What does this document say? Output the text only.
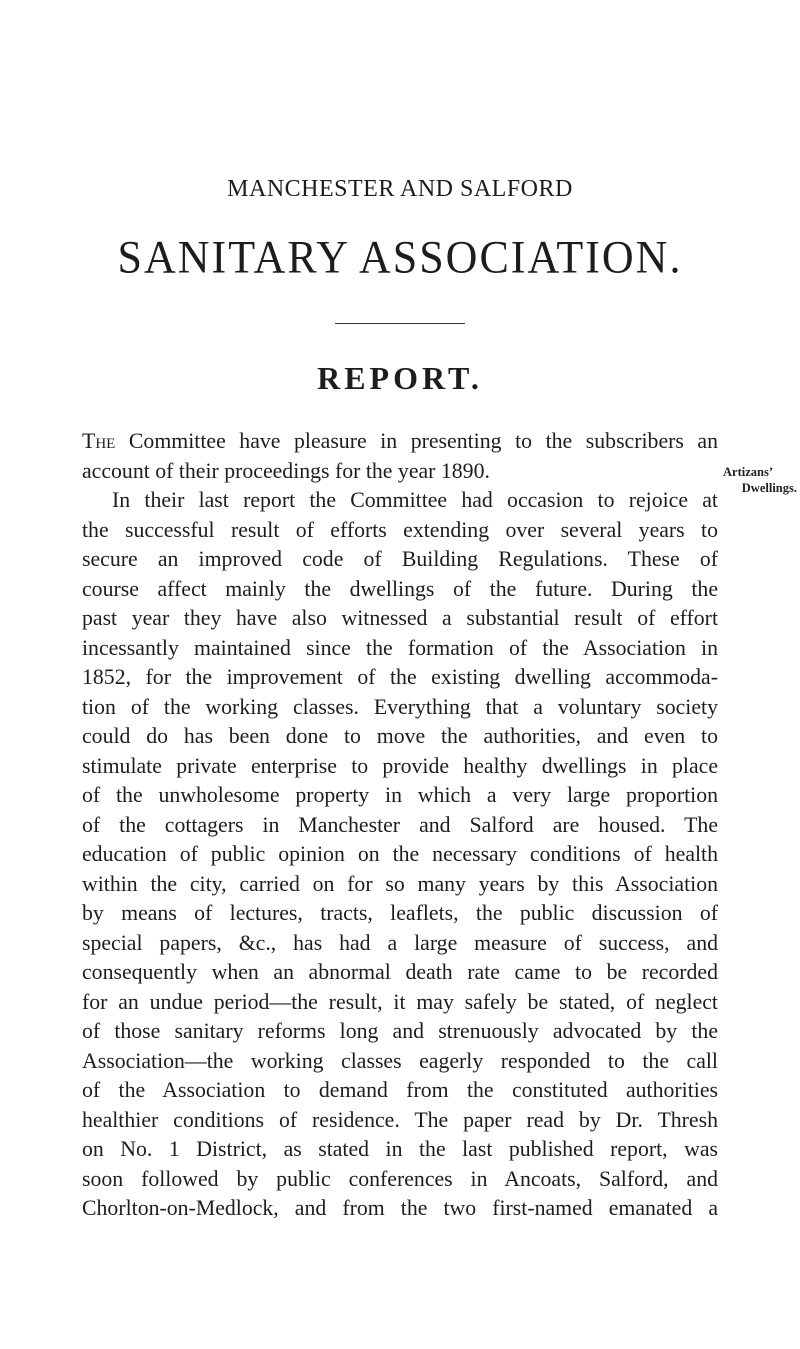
MANCHESTER AND SALFORD
SANITARY ASSOCIATION.
REPORT.
The Committee have pleasure in presenting to the subscribers an
account of their proceedings for the year 1890.
In their last report the Committee had occasion to rejoice at
the successful result of efforts extending over several years to
secure an improved code of Building Regulations. These of
course affect mainly the dwellings of the future. During the
past year they have also witnessed a substantial result of effort
incessantly maintained since the formation of the Association in
1852, for the improvement of the existing dwelling accommoda-
tion of the working classes. Everything that a voluntary society
could do has been done to move the authorities, and even to
stimulate private enterprise to provide healthy dwellings in place
of the unwholesome property in which a very large proportion
of the cottagers in Manchester and Salford are housed. The
education of public opinion on the necessary conditions of health
within the city, carried on for so many years by this Association
by means of lectures, tracts, leaflets, the public discussion of
special papers, &c., has had a large measure of success, and
consequently when an abnormal death rate came to be recorded
for an undue period—the result, it may safely be stated, of neglect
of those sanitary reforms long and strenuously advocated by the
Association—the working classes eagerly responded to the call
of the Association to demand from the constituted authorities
healthier conditions of residence. The paper read by Dr. Thresh
on No. 1 District, as stated in the last published report, was
soon followed by public conferences in Ancoats, Salford, and
Chorlton-on-Medlock, and from the two first-named emanated a
Artizans’
Dwellings.
